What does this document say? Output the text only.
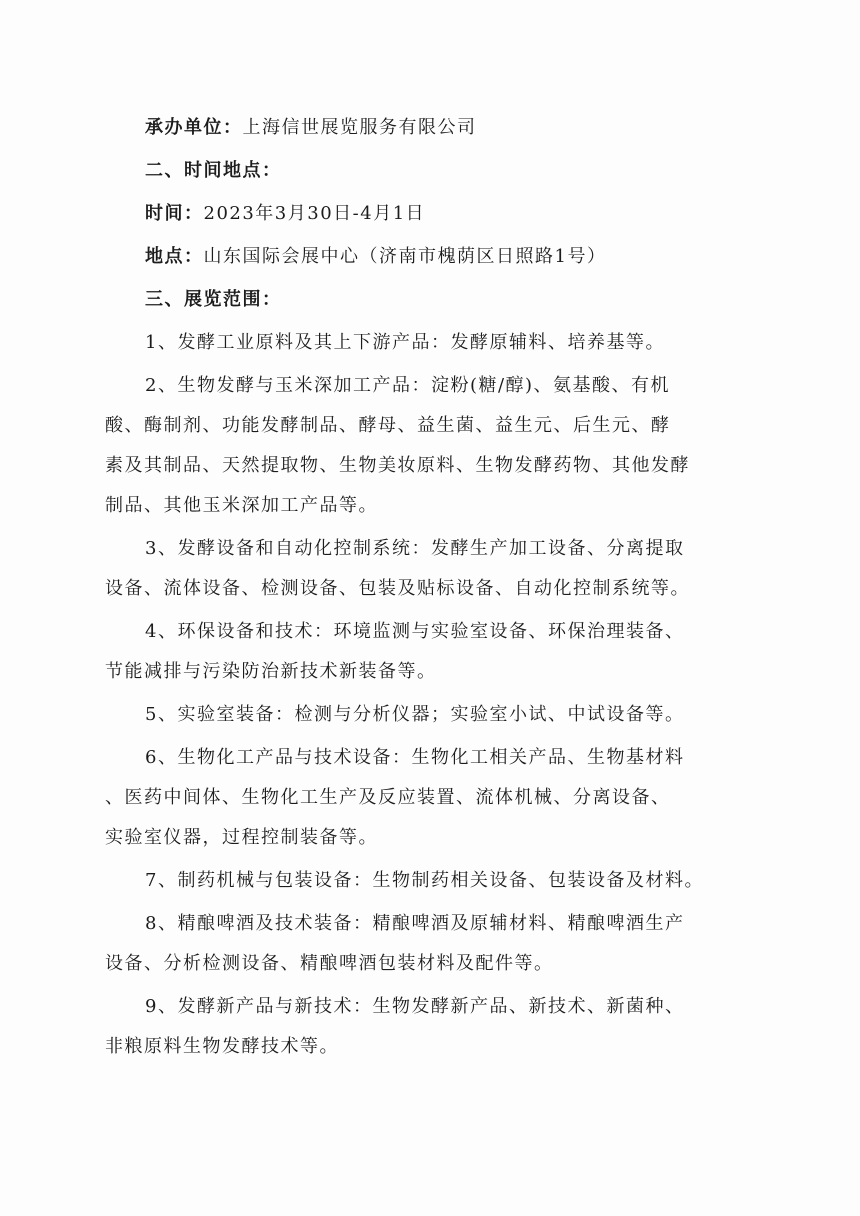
承办单位：上海信世展览服务有限公司
二、时间地点：
时间：2023年3月30日-4月1日
地点：山东国际会展中心（济南市槐荫区日照路1号）
三、展览范围：
1、发酵工业原料及其上下游产品：发酵原辅料、培养基等。
2、生物发酵与玉米深加工产品：淀粉(糖/醇)、氨基酸、有机
酸、酶制剂、功能发酵制品、酵母、益生菌、益生元、后生元、酵
素及其制品、天然提取物、生物美妆原料、生物发酵药物、其他发酵
制品、其他玉米深加工产品等。
3、发酵设备和自动化控制系统：发酵生产加工设备、分离提取
设备、流体设备、检测设备、包装及贴标设备、自动化控制系统等。
4、环保设备和技术：环境监测与实验室设备、环保治理装备、
节能减排与污染防治新技术新装备等。
5、实验室装备：检测与分析仪器；实验室小试、中试设备等。
6、生物化工产品与技术设备：生物化工相关产品、生物基材料
、医药中间体、生物化工生产及反应装置、流体机械、分离设备、
实验室仪器，过程控制装备等。
7、制药机械与包装设备：生物制药相关设备、包装设备及材料。
8、精酿啤酒及技术装备：精酿啤酒及原辅材料、精酿啤酒生产
设备、分析检测设备、精酿啤酒包装材料及配件等。
9、发酵新产品与新技术：生物发酵新产品、新技术、新菌种、
非粮原料生物发酵技术等。
